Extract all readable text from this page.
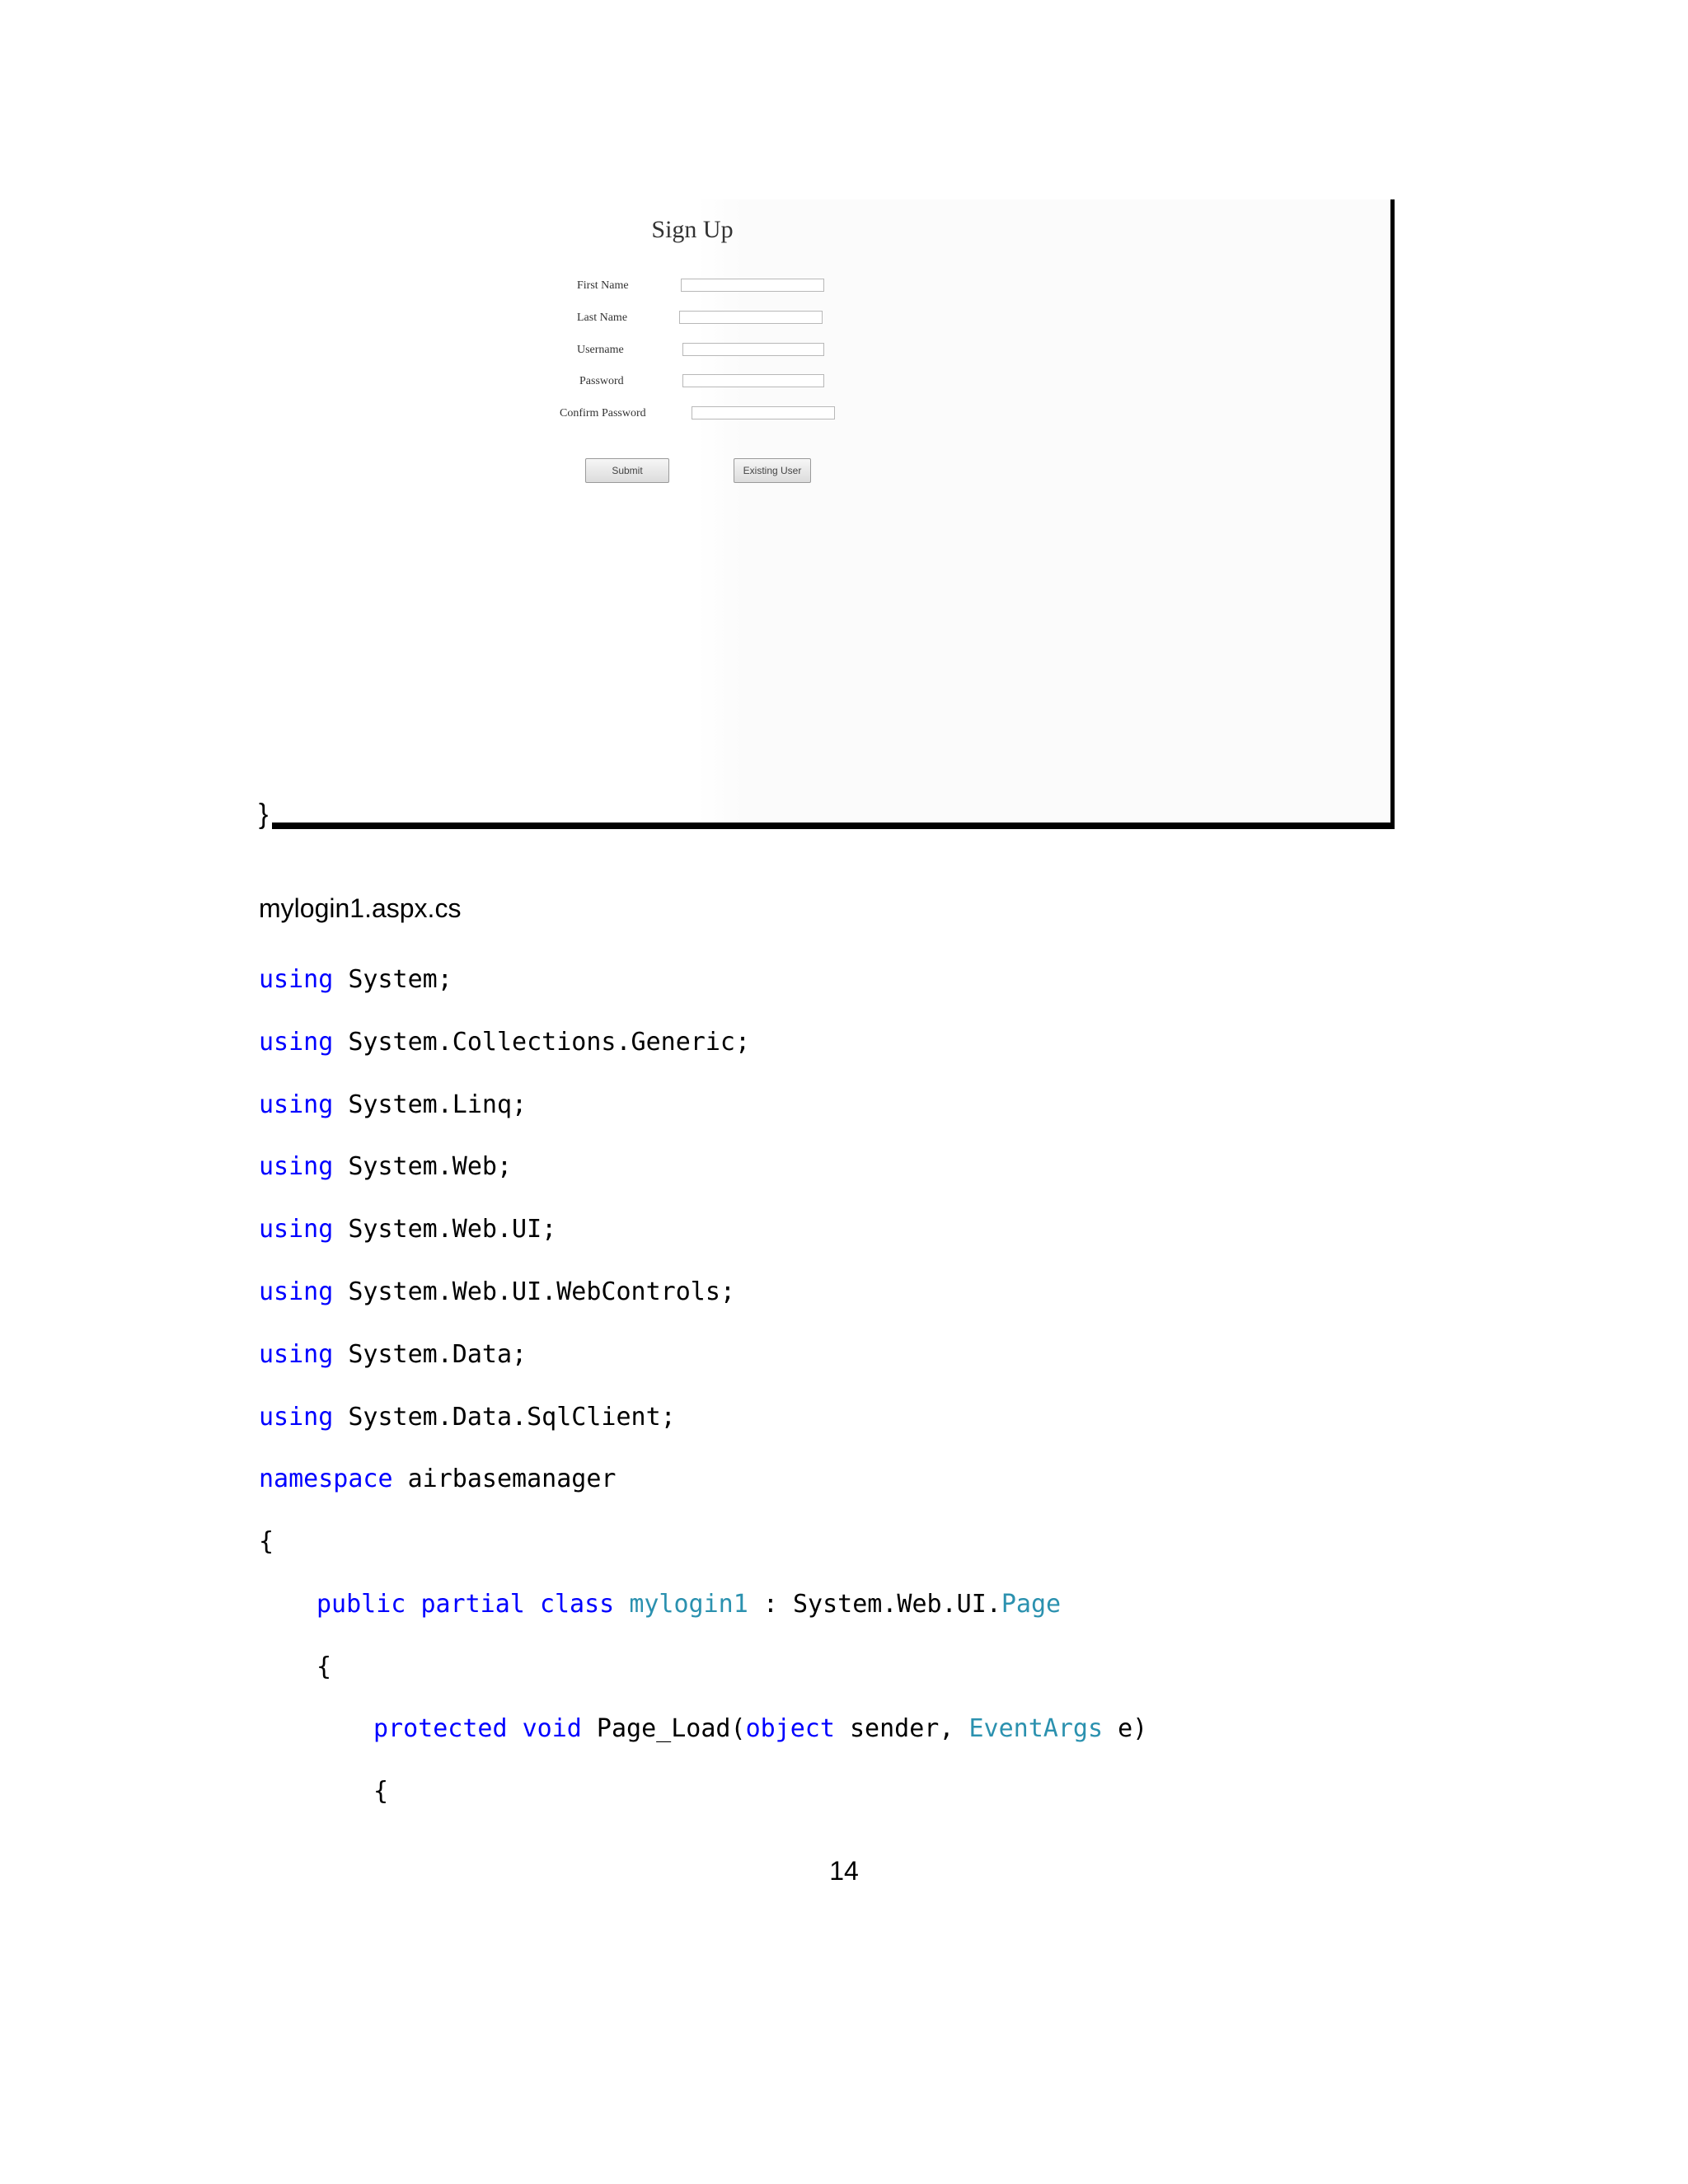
Sign Up
First Name
Last Name
Username
Password
Confirm Password
Submit	Existing User
}
mylogin1.aspx.cs
using System;
using System.Collections.Generic;
using System.Linq;
using System.Web;
using System.Web.UI;
using System.Web.UI.WebControls;
using System.Data;
using System.Data.SqlClient;
namespace airbasemanager
{
public partial class mylogin1 : System.Web.UI.Page
{
protected void Page_Load(object sender, EventArgs e)
{
14
